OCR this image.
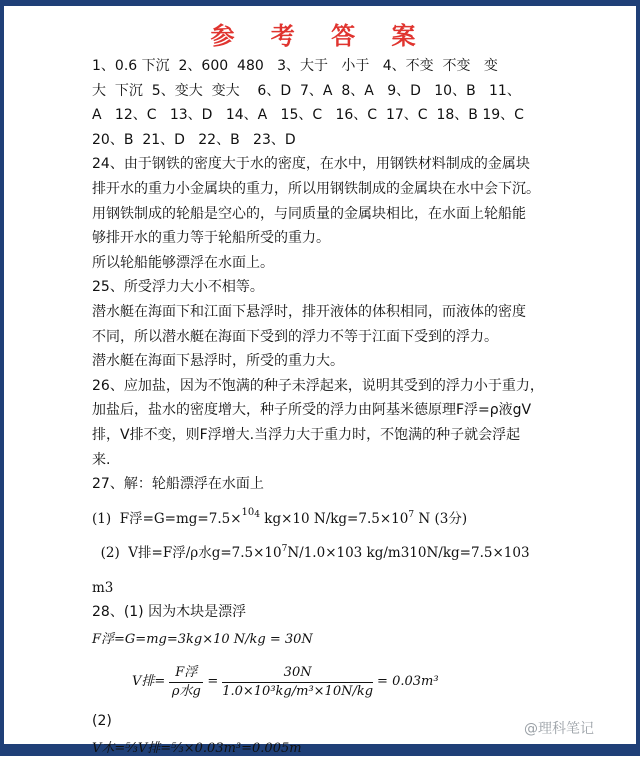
参 考 答 案
1、0.6 下沉  2、600  480   3、大于   小于   4、不变  不变   变
大  下沉  5、变大  变大    6、D  7、A  8、A   9、D   10、B   11、
A   12、C   13、D   14、A   15、C   16、C  17、C  18、B 19、C
20、B  21、D   22、B   23、D
24、由于钢铁的密度大于水的密度，在水中，用钢铁材料制成的金属块
排开水的重力小金属块的重力，所以用钢铁制成的金属块在水中会下沉。
用钢铁制成的轮船是空心的，与同质量的金属块相比，在水面上轮船能
够排开水的重力等于轮船所受的重力。
所以轮船能够漂浮在水面上。
25、所受浮力大小不相等。
潜水艇在海面下和江面下悬浮时，排开液体的体积相同，而液体的密度
不同，所以潜水艇在海面下受到的浮力不等于江面下受到的浮力。
潜水艇在海面下悬浮时，所受的重力大。
26、应加盐，因为不饱满的种子未浮起来，说明其受到的浮力小于重力，
加盐后，盐水的密度增大，种子所受的浮力由阿基米德原理F浮=ρ液gV
排，V排不变，则F浮增大.当浮力大于重力时，不饱满的种子就会浮起
来.
27、解：轮船漂浮在水面上
(1)  F浮=G=mg=7.5×$^{104}$ kg×10 $N/kg=7.5\times 10^7$ N (3分)
(2)  V排=F浮/ρ水$g=7.5\times 10^7N/1.0\times 103$ kg/m310N/kg=7.5×103
m3
28、(1) 因为木块是漂浮
F浮=G=mg=3kg×10 N/kg = 30N
V排= $\frac{\text{F浮}}{\text{ρ水g}} = \frac{30N}{\text{1.0×10³kg/m³×10N/kg}} = 0.03m^3$
(2)
V木=⁵⁄₃V排=⁵⁄₃×0.03m³=0.005m
@理科笔记
